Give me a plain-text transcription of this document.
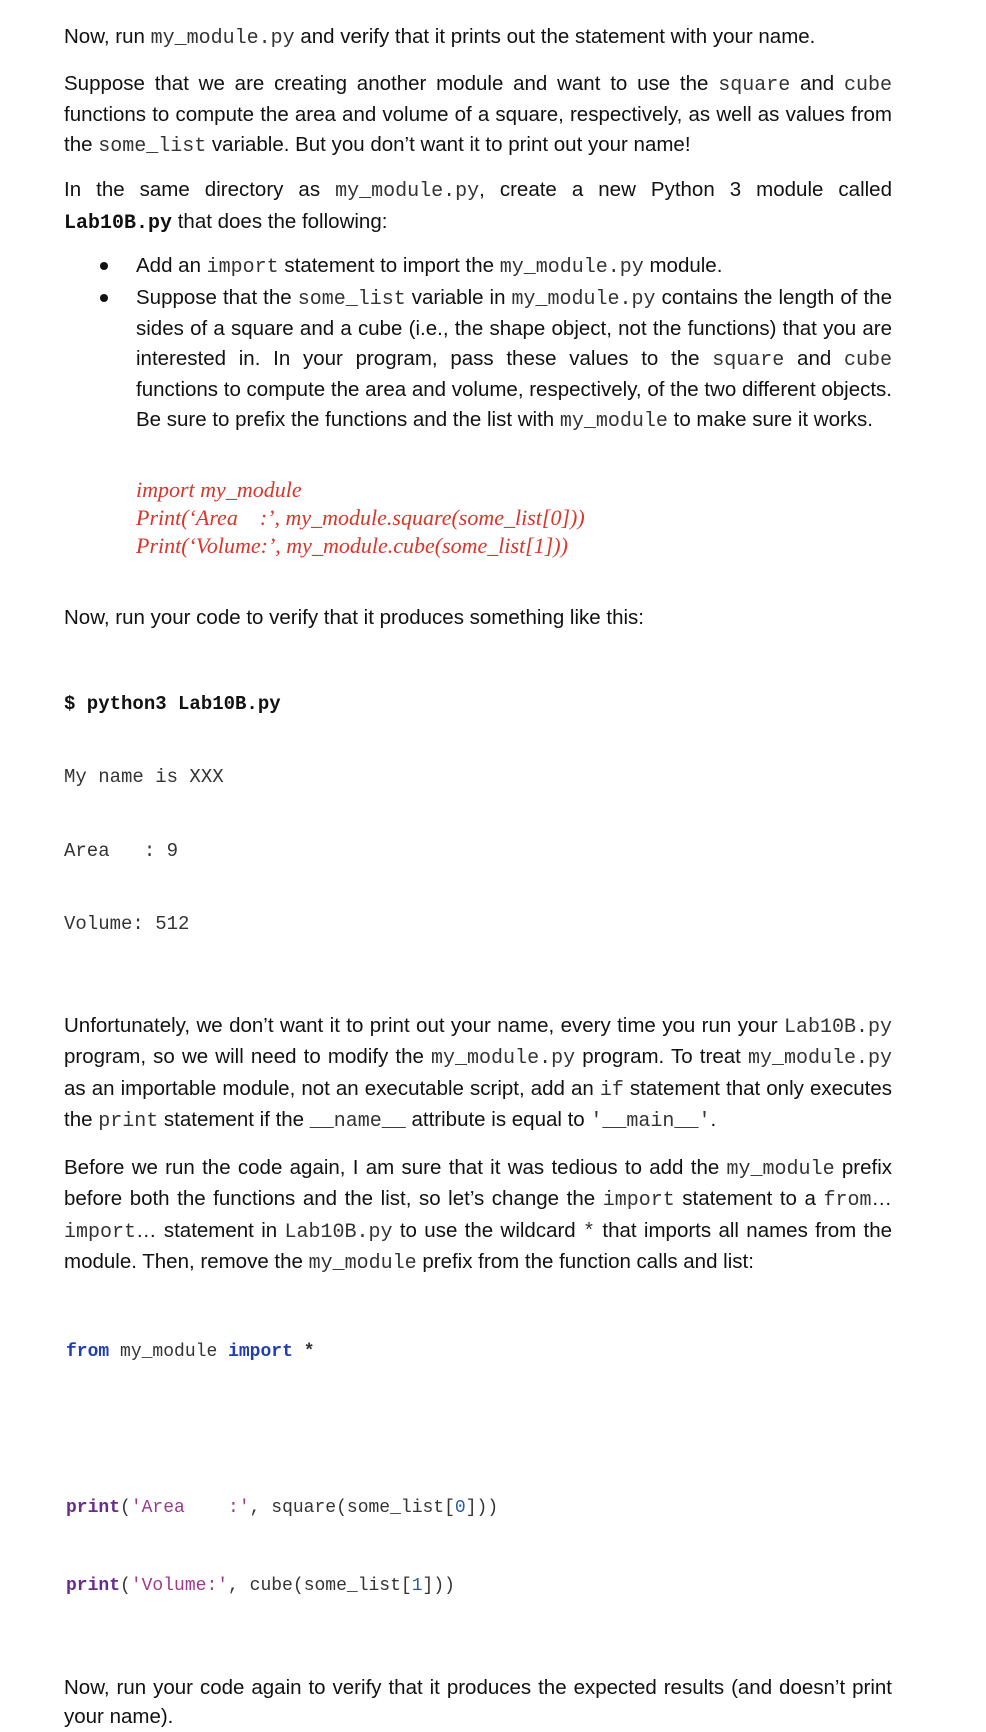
Now, run my_module.py and verify that it prints out the statement with your name.

Suppose that we are creating another module and want to use the square and cube functions to compute the area and volume of a square, respectively, as well as values from the some_list variable. But you don’t want it to print out your name!

In the same directory as my_module.py, create a new Python 3 module called Lab10B.py that does the following:

Add an import statement to import the my_module.py module.
Suppose that the some_list variable in my_module.py contains the length of the sides of a square and a cube (i.e., the shape object, not the functions) that you are interested in. In your program, pass these values to the square and cube functions to compute the area and volume, respectively, of the two different objects. Be sure to prefix the functions and the list with my_module to make sure it works.
import my_module
Print(‘Area    :’, my_module.square(some_list[0]))
Print(‘Volume:’, my_module.cube(some_list[1]))

Now, run your code to verify that it produces something like this:

$ python3 Lab10B.py

My name is XXX

Area   : 9

Volume: 512

Unfortunately, we don’t want it to print out your name, every time you run your Lab10B.py program, so we will need to modify the my_module.py program. To treat my_module.py as an importable module, not an executable script, add an if statement that only executes the print statement if the __name__ attribute is equal to '__main__'.

Before we run the code again, I am sure that it was tedious to add the my_module prefix before both the functions and the list, so let’s change the import statement to a from… import… statement in Lab10B.py to use the wildcard * that imports all names from the module. Then, remove the my_module prefix from the function calls and list:

from my_module import *

print('Area    :', square(some_list[0]))

print('Volume:', cube(some_list[1]))

Now, run your code again to verify that it produces the expected results (and doesn’t print your name).
